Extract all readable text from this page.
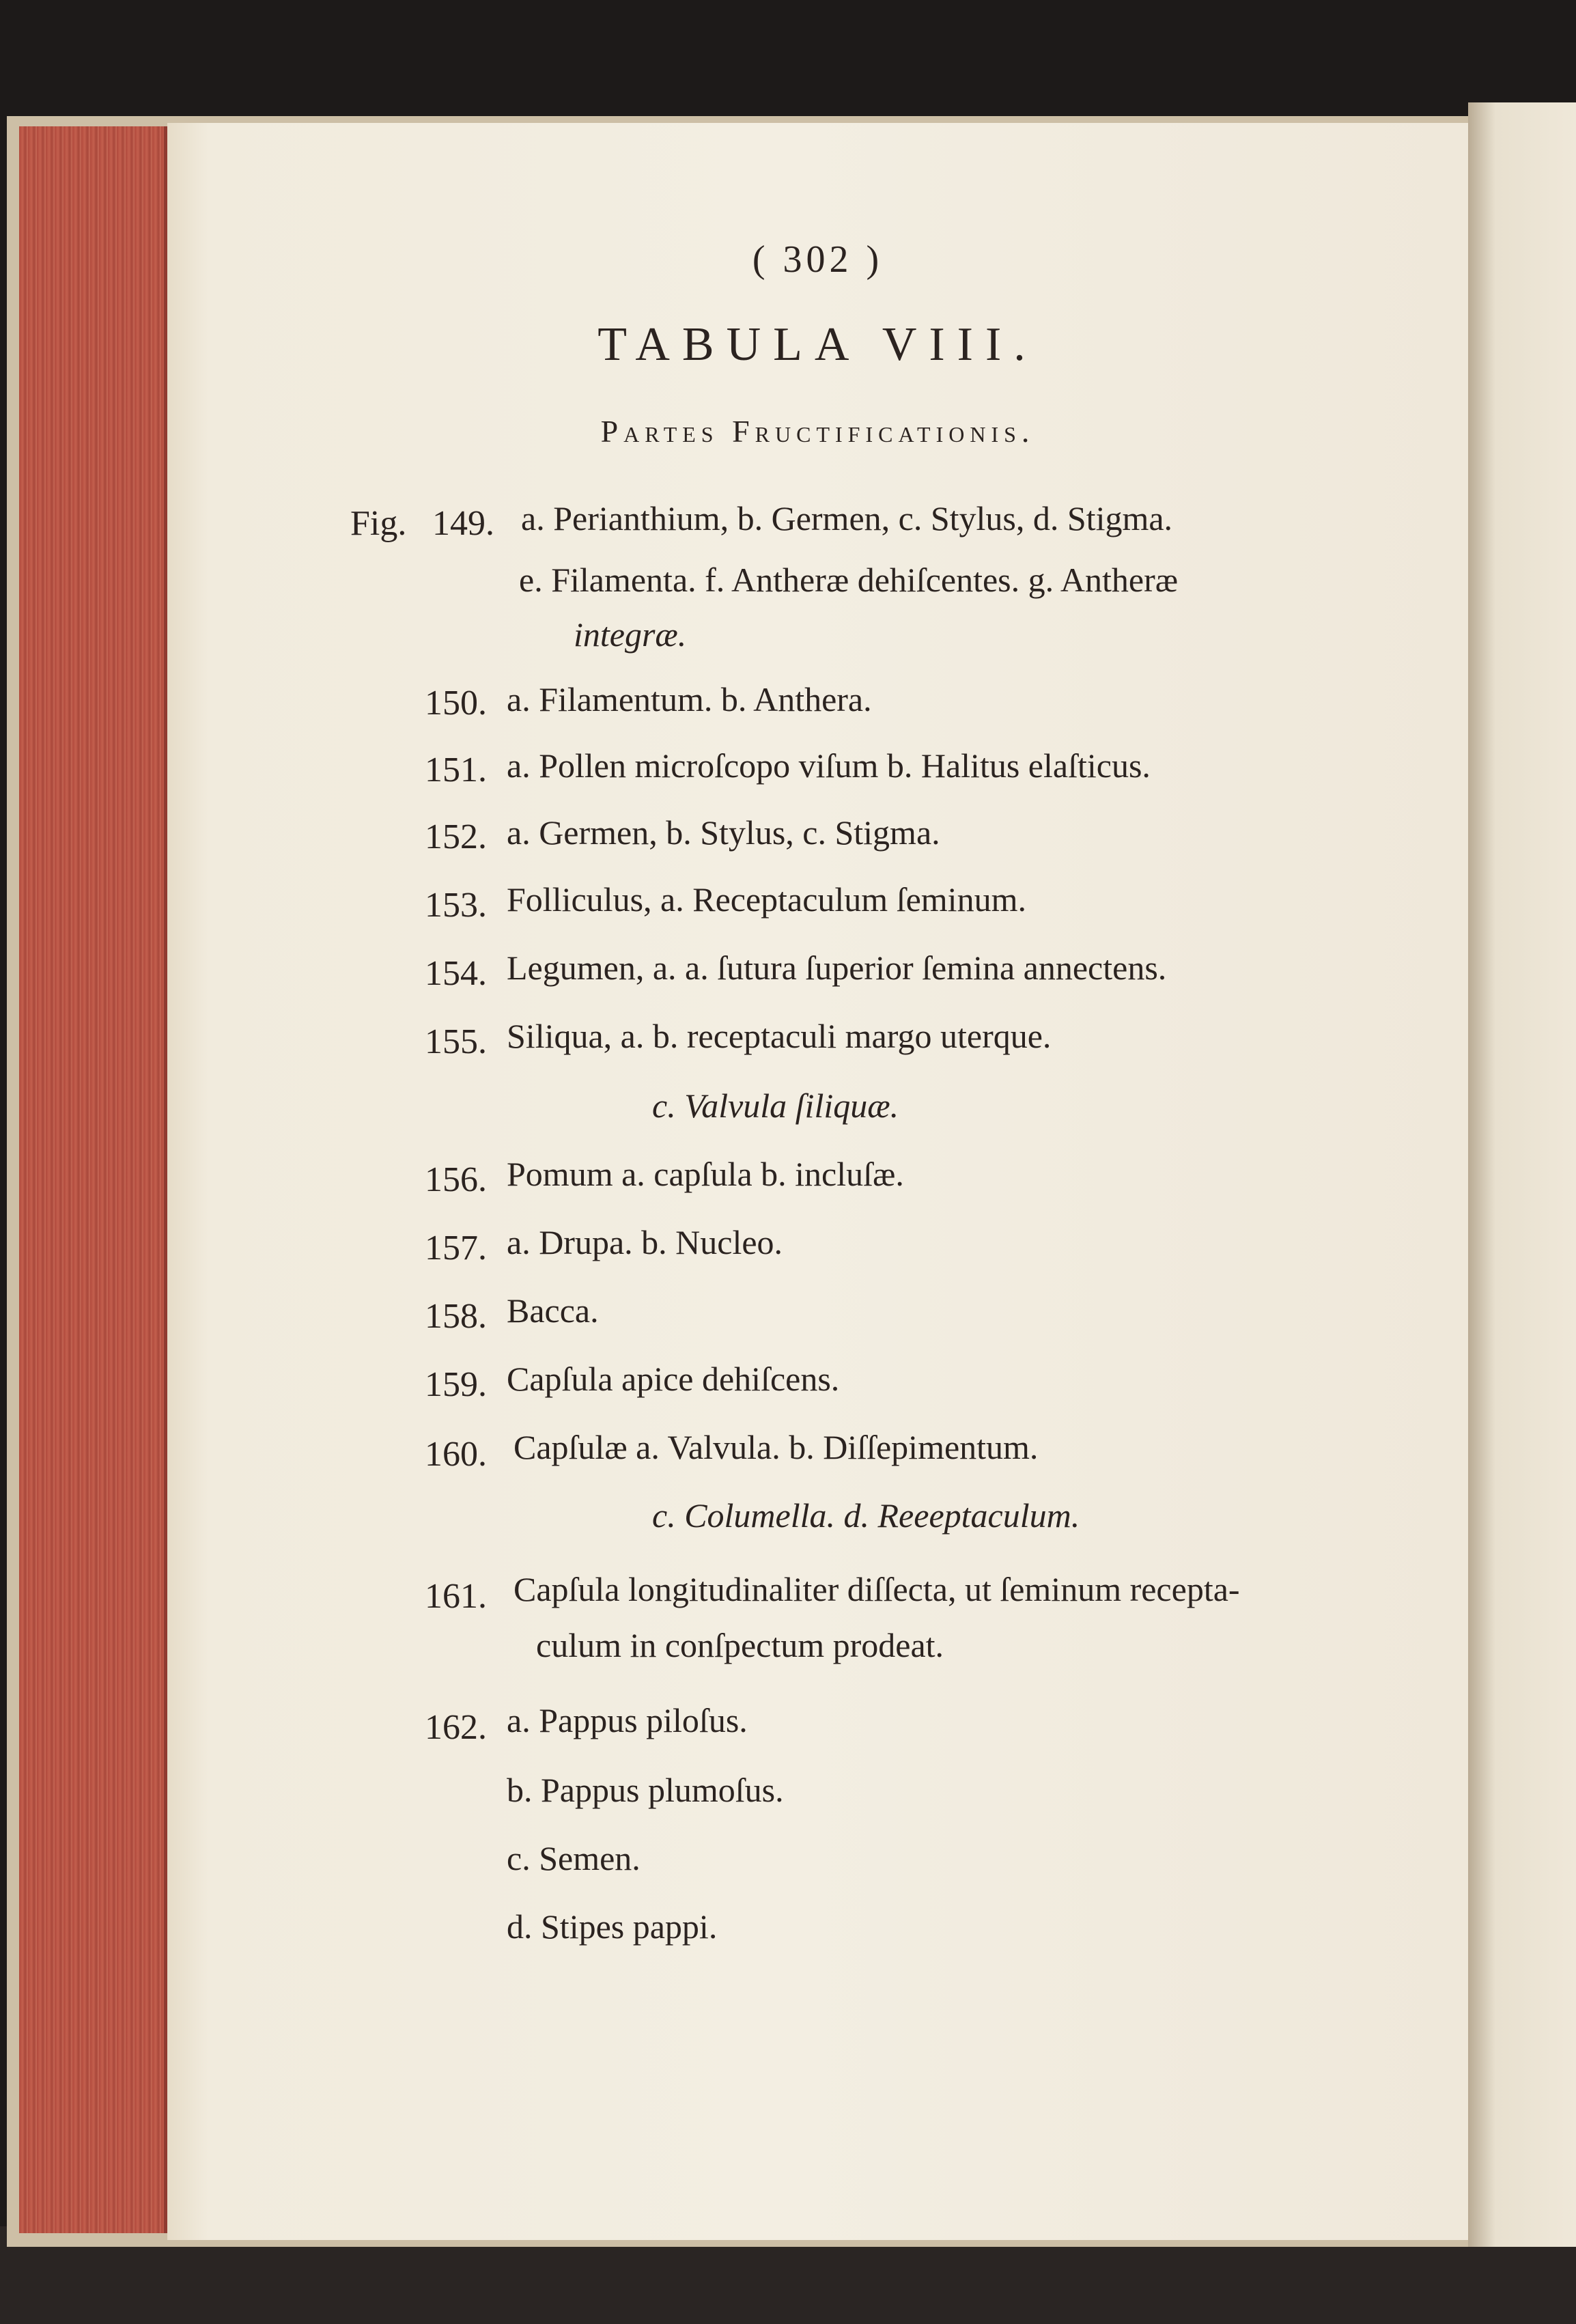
( 302 )
TABULA VIII.
Partes Fructificationis.
Fig. 149. a. Perianthium, b. Germen, c. Stylus, d. Stigma.
e. Filamenta. f. Antheræ dehiſcentes. g. Antheræ
integræ.
150. a. Filamentum. b. Anthera.
151. a. Pollen microſcopo viſum b. Halitus elaſticus.
152. a. Germen, b. Stylus, c. Stigma.
153. Folliculus, a. Receptaculum ſeminum.
154. Legumen, a. a. ſutura ſuperior ſemina annectens.
155. Siliqua, a. b. receptaculi margo uterque.
c. Valvula ſiliquæ.
156. Pomum a. capſula b. incluſæ.
157. a. Drupa. b. Nucleo.
158. Bacca.
159. Capſula apice dehiſcens.
160. Capſulæ a. Valvula. b. Diſſepimentum.
c. Columella. d. Reeeptaculum.
161. Capſula longitudinaliter diſſecta, ut ſeminum recepta-
culum in conſpectum prodeat.
162. a. Pappus piloſus.
b. Pappus plumoſus.
c. Semen.
d. Stipes pappi.
